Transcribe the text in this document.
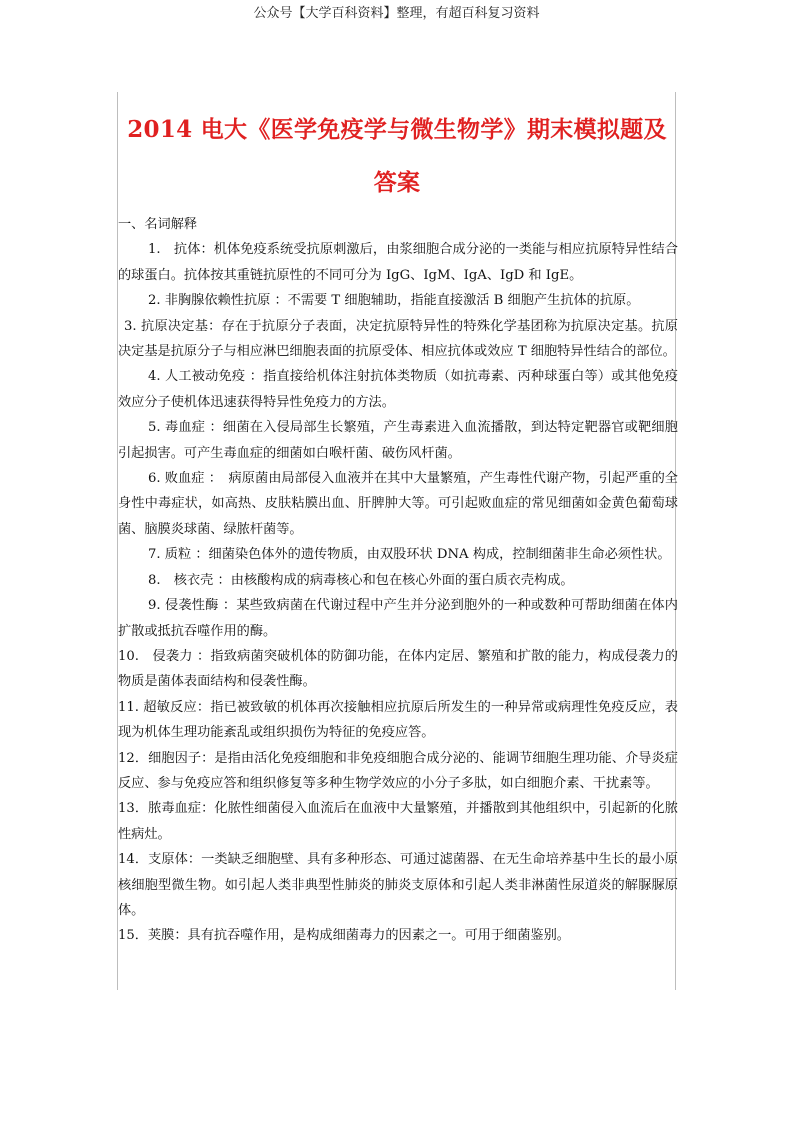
公众号【大学百科资料】整理，有超百科复习资料
2014 电大《医学免疫学与微生物学》期末模拟题及答案
一、名词解释

1.　抗体：机体免疫系统受抗原刺激后，由浆细胞合成分泌的一类能与相应抗原特异性结合的球蛋白。抗体按其重链抗原性的不同可分为 IgG、IgM、IgA、IgD 和 IgE。

2. 非胸腺依赖性抗原 ：不需要 T 细胞辅助，指能直接激活 B 细胞产生抗体的抗原。

3. 抗原决定基：存在于抗原分子表面，决定抗原特异性的特殊化学基团称为抗原决定基。抗原决定基是抗原分子与相应淋巴细胞表面的抗原受体、相应抗体或效应 T 细胞特异性结合的部位。

4. 人工被动免疫 ：指直接给机体注射抗体类物质（如抗毒素、丙种球蛋白等）或其他免疫效应分子使机体迅速获得特异性免疫力的方法。

5. 毒血症 ：细菌在入侵局部生长繁殖，产生毒素进入血流播散，到达特定靶器官或靶细胞引起损害。可产生毒血症的细菌如白喉杆菌、破伤风杆菌。

6. 败血症 ：　病原菌由局部侵入血液并在其中大量繁殖，产生毒性代谢产物，引起严重的全身性中毒症状，如高热、皮肤粘膜出血、肝脾肿大等。可引起败血症的常见细菌如金黄色葡萄球菌、脑膜炎球菌、绿脓杆菌等。

7. 质粒 ：细菌染色体外的遗传物质，由双股环状 DNA 构成，控制细菌非生命必须性状。

8.　核衣壳 ：由核酸构成的病毒核心和包在核心外面的蛋白质衣壳构成。

9. 侵袭性酶 ：某些致病菌在代谢过程中产生并分泌到胞外的一种或数种可帮助细菌在体内扩散或抵抗吞噬作用的酶。

10.　侵袭力 ：指致病菌突破机体的防御功能，在体内定居、繁殖和扩散的能力，构成侵袭力的物质是菌体表面结构和侵袭性酶。

11. 超敏反应：指已被致敏的机体再次接触相应抗原后所发生的一种异常或病理性免疫反应，表现为机体生理功能紊乱或组织损伤为特征的免疫应答。

12．细胞因子：是指由活化免疫细胞和非免疫细胞合成分泌的、能调节细胞生理功能、介导炎症反应、参与免疫应答和组织修复等多种生物学效应的小分子多肽，如白细胞介素、干扰素等。

13．脓毒血症：化脓性细菌侵入血流后在血液中大量繁殖，并播散到其他组织中，引起新的化脓性病灶。

14．支原体：一类缺乏细胞壁、具有多种形态、可通过滤菌器、在无生命培养基中生长的最小原核细胞型微生物。如引起人类非典型性肺炎的肺炎支原体和引起人类非淋菌性尿道炎的解脲脲原体。

15．荚膜：具有抗吞噬作用，是构成细菌毒力的因素之一。可用于细菌鉴别。
